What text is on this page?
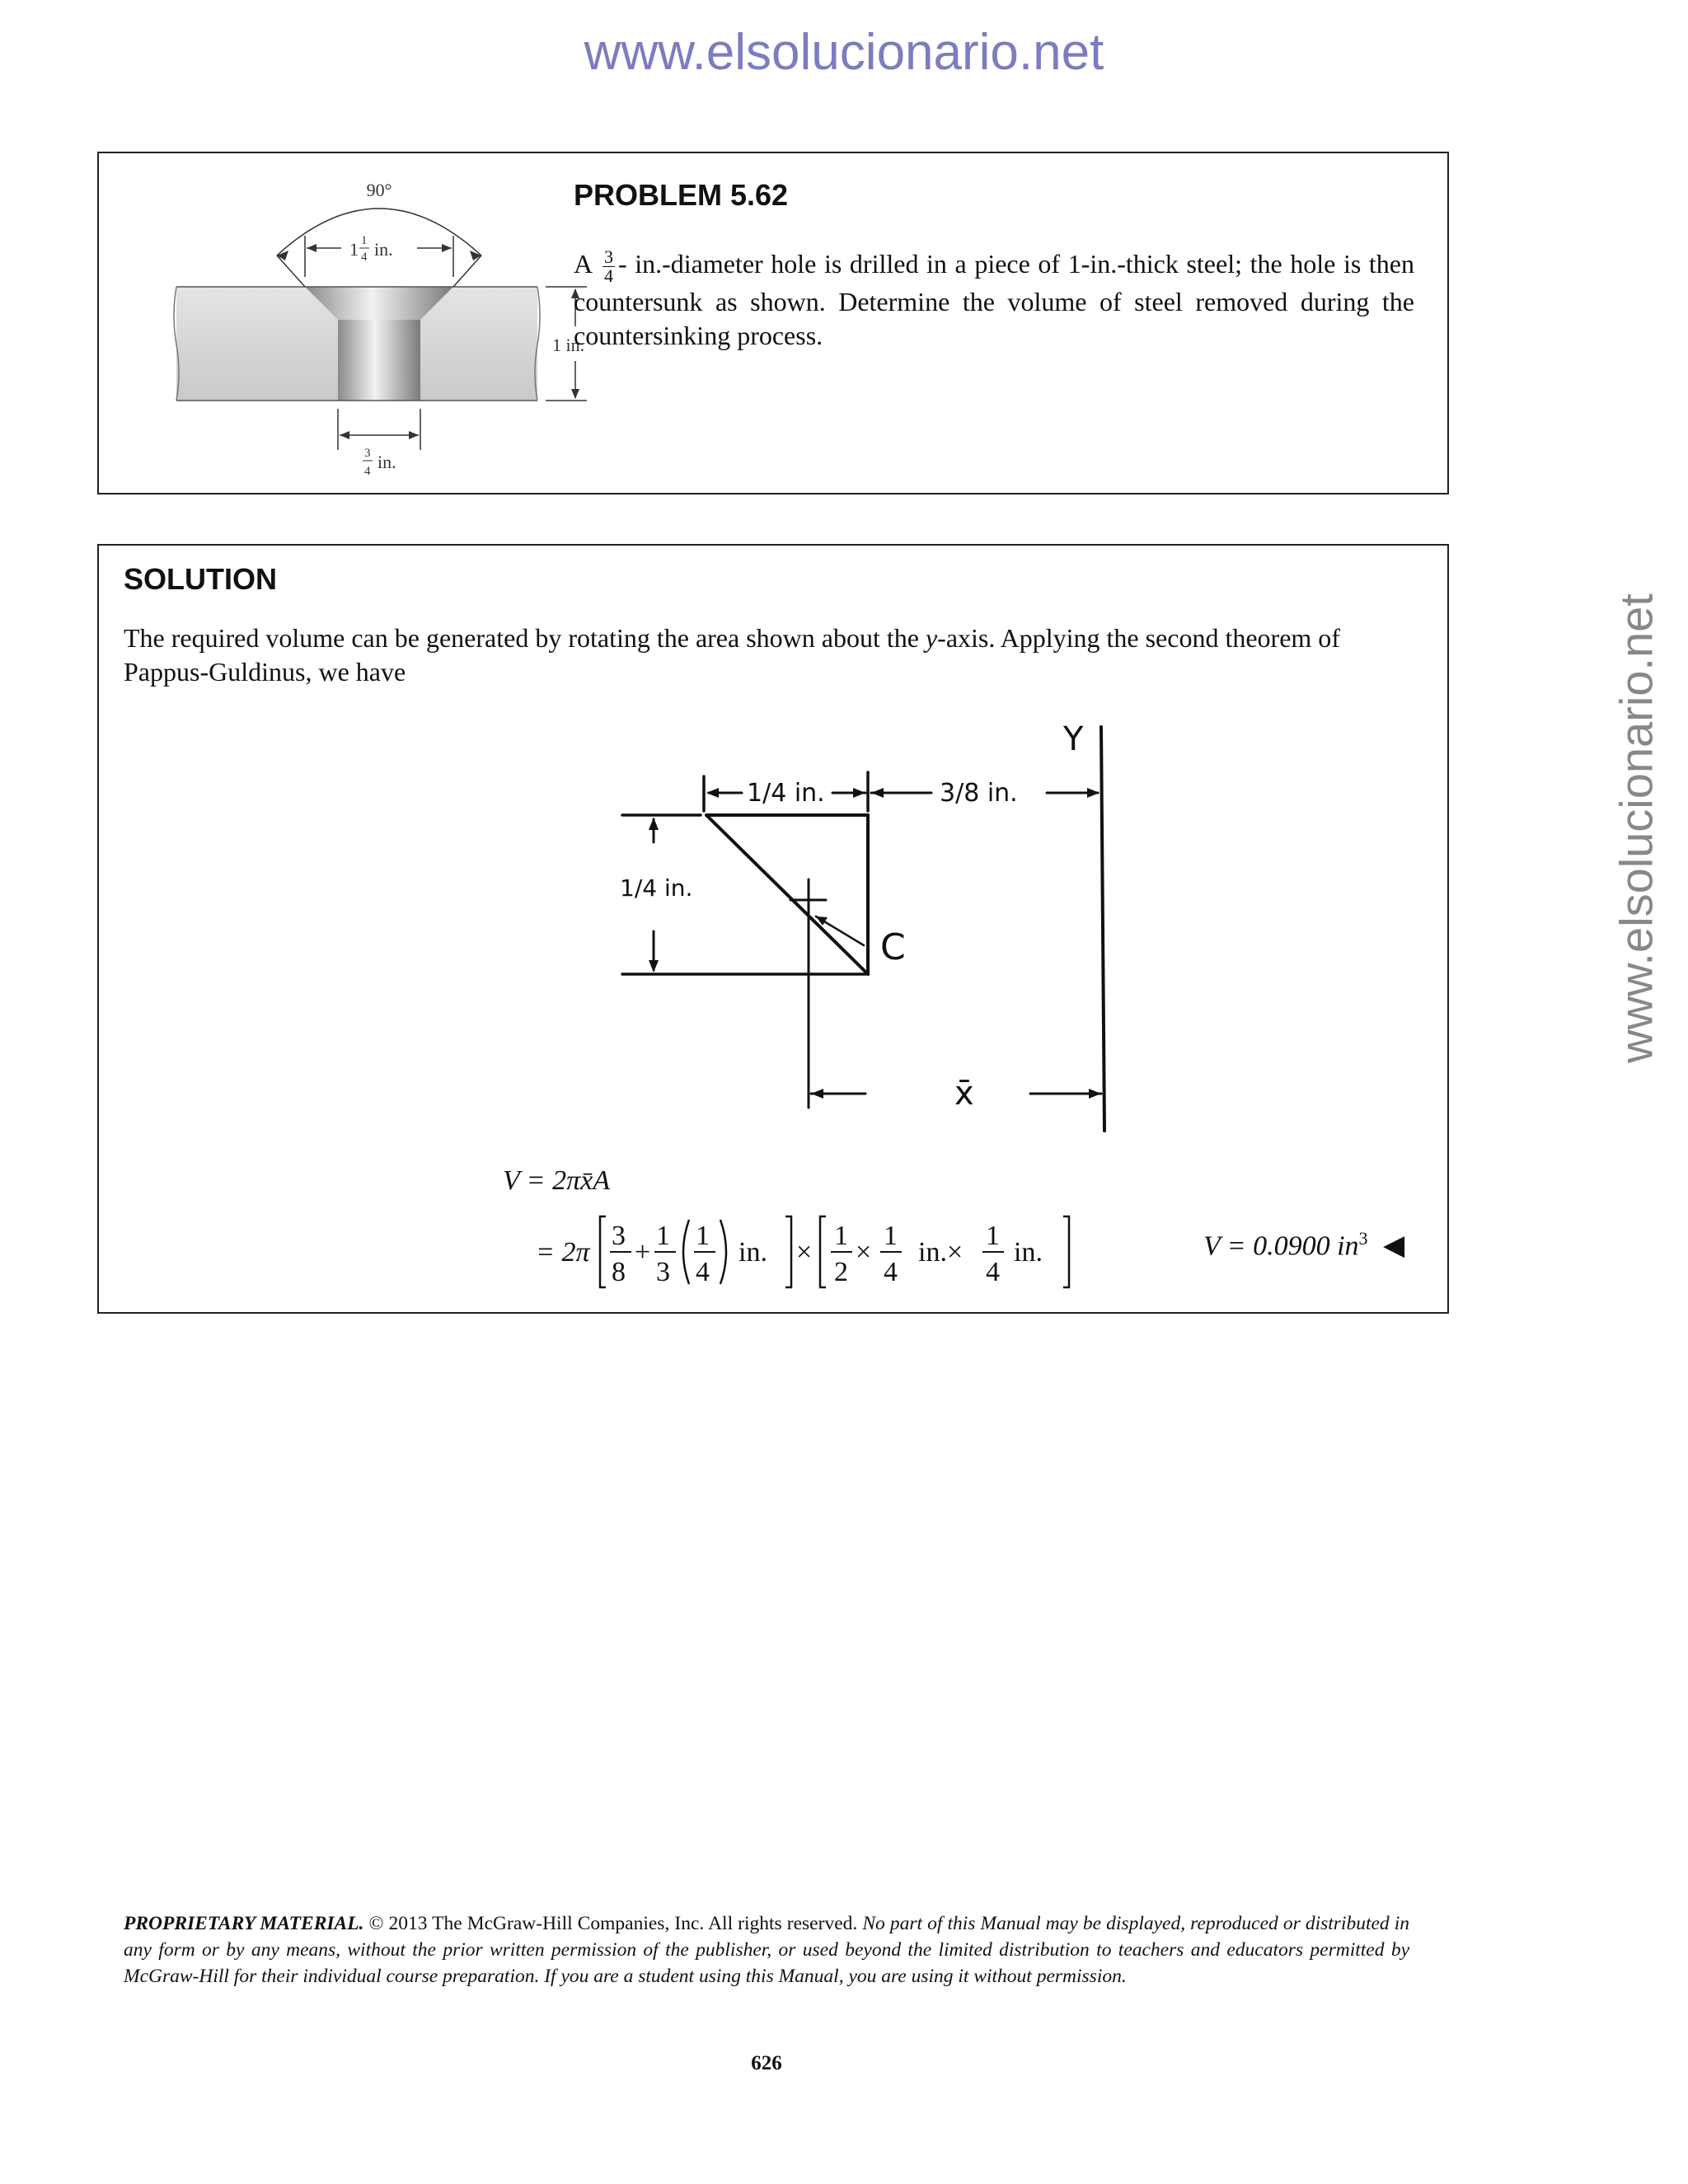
www.elsolucionario.net
www.elsolucionario.net
90°
1 1
4 in.
1 in.
3
4 in.
PROBLEM 5.62
A $\frac{3}{4}$ - in.-diameter hole is drilled in a piece of 1-in.-thick steel; the hole is then countersunk as shown. Determine the volume of steel removed during the countersinking process.
SOLUTION
The required volume can be generated by rotating the area shown about the y-axis. Applying the second theorem of Pappus-Guldinus, we have
Y
1/4 in.	3/8 in.
1/4 in.
C
x̄
V = 2πx̄A
= 2π
3
8
+
1
3
1
4
in. ×
1
2
×
1
4
in.×
1
4
in.	V = 0.0900 $in^3$ ◀
PROPRIETARY MATERIAL. © 2013 The McGraw-Hill Companies, Inc. All rights reserved. No part of this Manual may be displayed, reproduced or distributed in any form or by any means, without the prior written permission of the publisher, or used beyond the limited distribution to teachers and educators permitted by McGraw-Hill for their individual course preparation. If you are a student using this Manual, you are using it without permission.
626
